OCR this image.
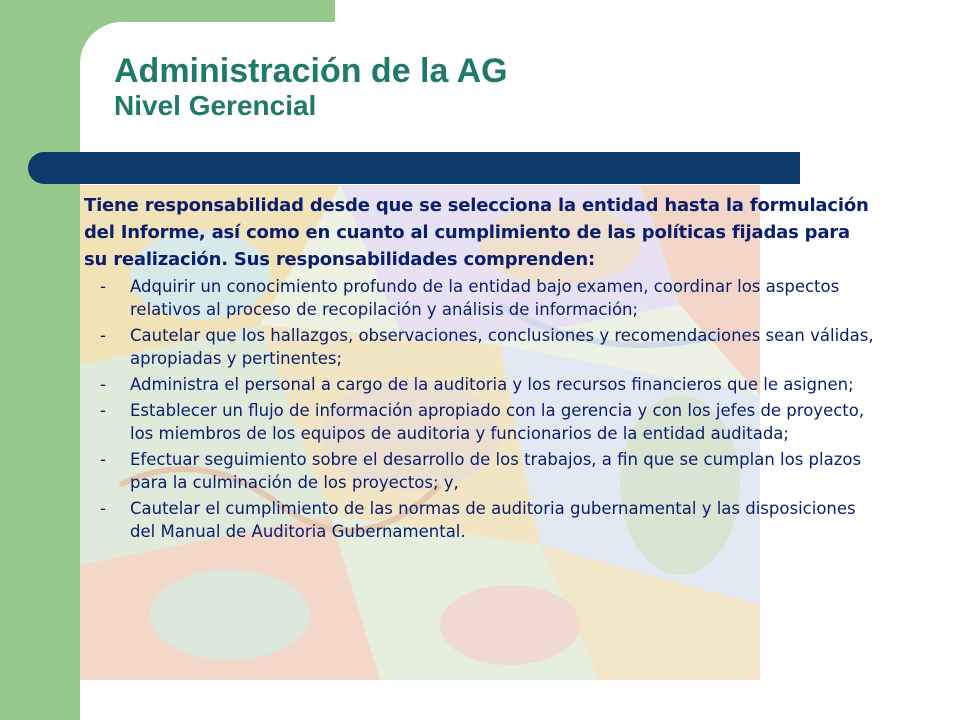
Administración de la AG
Nivel Gerencial

Tiene responsabilidad desde que se selecciona la entidad hasta la formulación del Informe, así como en cuanto al cumplimiento de las políticas fijadas para su realización. Sus responsabilidades comprenden:

- Adquirir un conocimiento profundo de la entidad bajo examen, coordinar los aspectos relativos al proceso de recopilación y análisis de información;
- Cautelar que los hallazgos, observaciones, conclusiones y recomendaciones sean válidas, apropiadas y pertinentes;
- Administra el personal a cargo de la auditoria y los recursos financieros que le asignen;
- Establecer un flujo de información apropiado con la gerencia y con los jefes de proyecto, los miembros de los equipos de auditoria y funcionarios de la entidad auditada;
- Efectuar seguimiento sobre el desarrollo de los trabajos, a fin que se cumplan los plazos para la culminación de los proyectos; y,
- Cautelar el cumplimiento de las normas de auditoria gubernamental y las disposiciones del Manual de Auditoria Gubernamental.
